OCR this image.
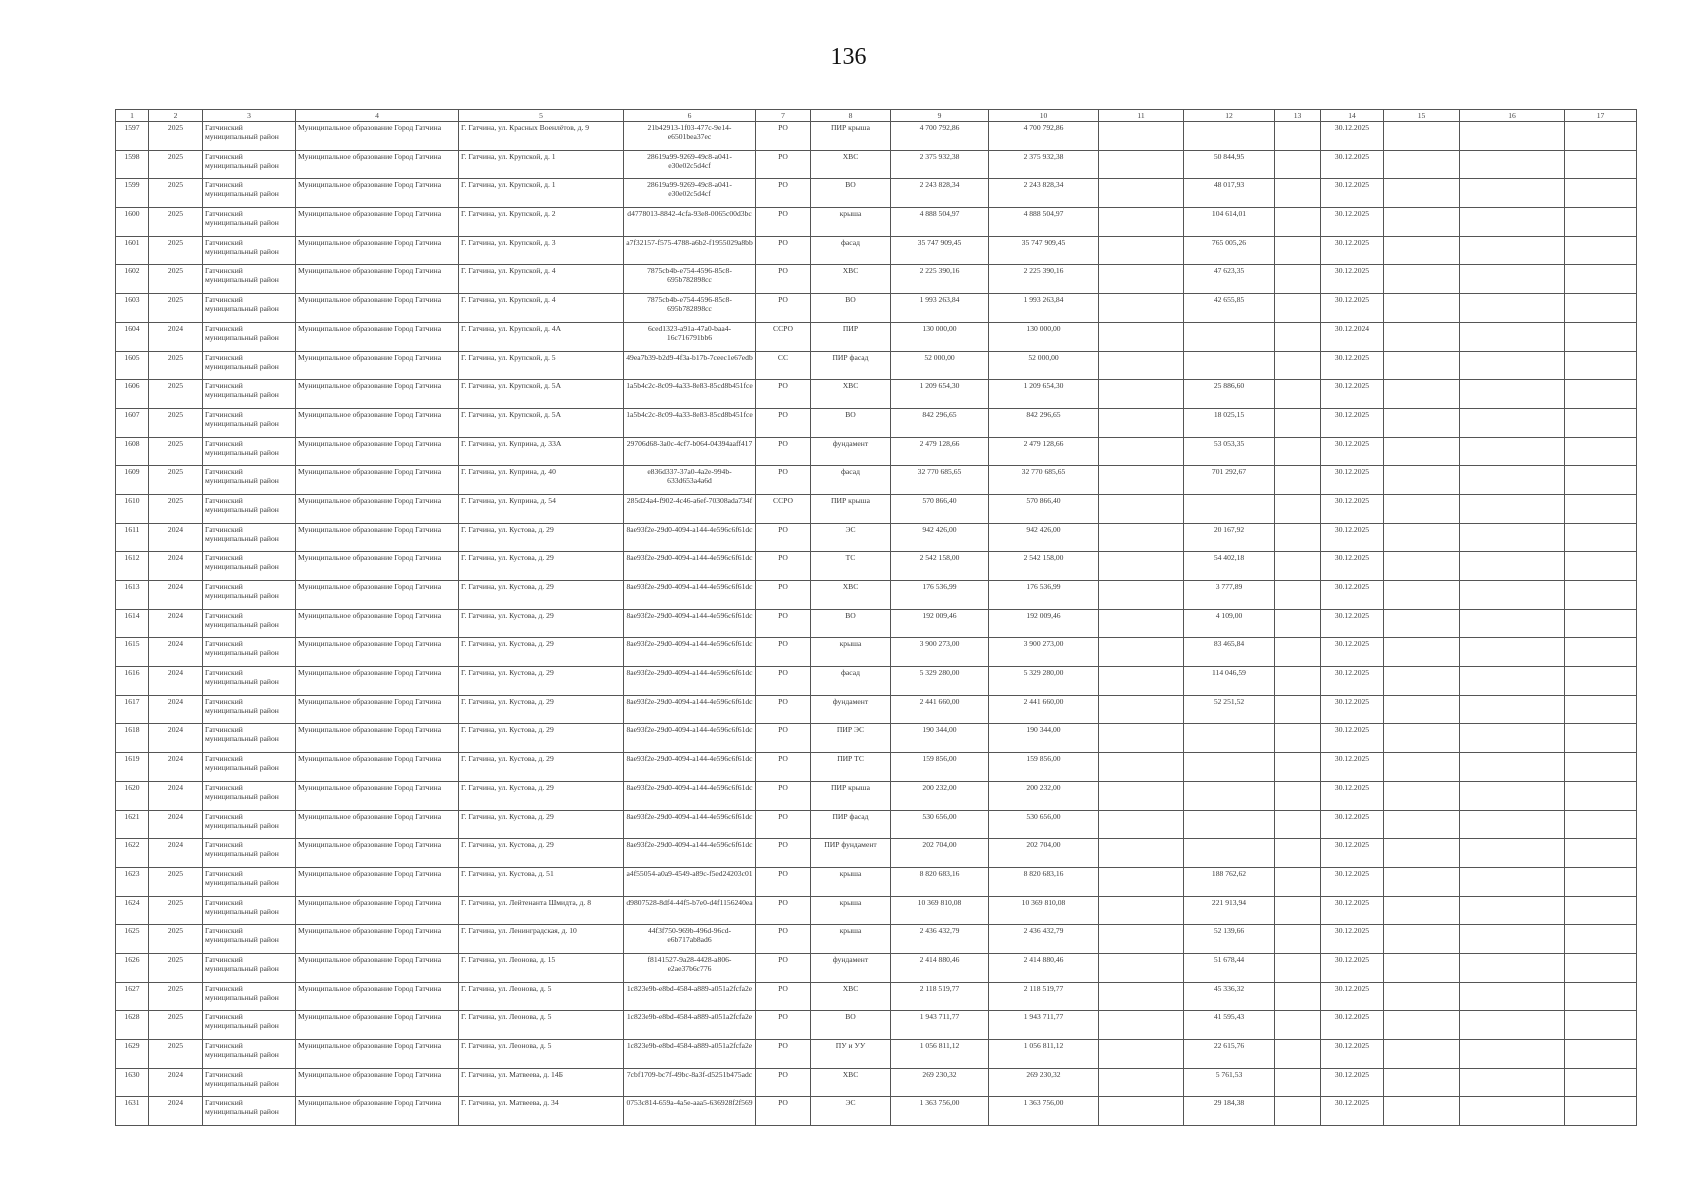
136
1	2	3	4	5	6	7	8	9	10	11	12	13	14	15	16	17
1597	2025	Гатчинский муниципальный район	Муниципальное образование Город Гатчина	Г. Гатчина, ул. Красных Военлётов, д. 9	21b42913-1f03-477c-9e14-e6501bea37ec	РО	ПИР крыша	4 700 792,86	4 700 792,86				30.12.2025			
1598	2025	Гатчинский муниципальный район	Муниципальное образование Город Гатчина	Г. Гатчина, ул. Крупской, д. 1	28619a99-9269-49c8-a041-e30e02c5d4cf	РО	ХВС	2 375 932,38	2 375 932,38		50 844,95		30.12.2025			
1599	2025	Гатчинский муниципальный район	Муниципальное образование Город Гатчина	Г. Гатчина, ул. Крупской, д. 1	28619a99-9269-49c8-a041-e30e02c5d4cf	РО	ВО	2 243 828,34	2 243 828,34		48 017,93		30.12.2025			
1600	2025	Гатчинский муниципальный район	Муниципальное образование Город Гатчина	Г. Гатчина, ул. Крупской, д. 2	d4778013-8842-4cfa-93e8-0065c00d3bc	РО	крыша	4 888 504,97	4 888 504,97		104 614,01		30.12.2025			
1601	2025	Гатчинский муниципальный район	Муниципальное образование Город Гатчина	Г. Гатчина, ул. Крупской, д. 3	a7f32157-f575-4788-a6b2-f1955029a8bb	РО	фасад	35 747 909,45	35 747 909,45		765 005,26		30.12.2025			
1602	2025	Гатчинский муниципальный район	Муниципальное образование Город Гатчина	Г. Гатчина, ул. Крупской, д. 4	7875cb4b-e754-4596-85c8-695b782898cc	РО	ХВС	2 225 390,16	2 225 390,16		47 623,35		30.12.2025			
1603	2025	Гатчинский муниципальный район	Муниципальное образование Город Гатчина	Г. Гатчина, ул. Крупской, д. 4	7875cb4b-e754-4596-85c8-695b782898cc	РО	ВО	1 993 263,84	1 993 263,84		42 655,85		30.12.2025			
1604	2024	Гатчинский муниципальный район	Муниципальное образование Город Гатчина	Г. Гатчина, ул. Крупской, д. 4А	6ced1323-a91a-47a0-baa4-16c716791bb6	ССРО	ПИР	130 000,00	130 000,00				30.12.2024			
1605	2025	Гатчинский муниципальный район	Муниципальное образование Город Гатчина	Г. Гатчина, ул. Крупской, д. 5	49ea7b39-b2d9-4f3a-b17b-7ceec1e67edb	СС	ПИР фасад	52 000,00	52 000,00				30.12.2025			
1606	2025	Гатчинский муниципальный район	Муниципальное образование Город Гатчина	Г. Гатчина, ул. Крупской, д. 5А	1a5b4c2c-8c09-4a33-8e83-85cd8b451fce	РО	ХВС	1 209 654,30	1 209 654,30		25 886,60		30.12.2025			
1607	2025	Гатчинский муниципальный район	Муниципальное образование Город Гатчина	Г. Гатчина, ул. Крупской, д. 5А	1a5b4c2c-8c09-4a33-8e83-85cd8b451fce	РО	ВО	842 296,65	842 296,65		18 025,15		30.12.2025			
1608	2025	Гатчинский муниципальный район	Муниципальное образование Город Гатчина	Г. Гатчина, ул. Куприна, д. 33А	29706d68-3a0c-4cf7-b064-04394aaff417	РО	фундамент	2 479 128,66	2 479 128,66		53 053,35		30.12.2025			
1609	2025	Гатчинский муниципальный район	Муниципальное образование Город Гатчина	Г. Гатчина, ул. Куприна, д. 40	e836d337-37a0-4a2e-994b-633d653a4a6d	РО	фасад	32 770 685,65	32 770 685,65		701 292,67		30.12.2025			
1610	2025	Гатчинский муниципальный район	Муниципальное образование Город Гатчина	Г. Гатчина, ул. Куприна, д. 54	285d24a4-f902-4c46-a6ef-70308ada734f	ССРО	ПИР крыша	570 866,40	570 866,40				30.12.2025			
1611	2024	Гатчинский муниципальный район	Муниципальное образование Город Гатчина	Г. Гатчина, ул. Кустова, д. 29	8ae93f2e-29d0-4094-a144-4e596c6f61dc	РО	ЭС	942 426,00	942 426,00		20 167,92		30.12.2025			
1612	2024	Гатчинский муниципальный район	Муниципальное образование Город Гатчина	Г. Гатчина, ул. Кустова, д. 29	8ae93f2e-29d0-4094-a144-4e596c6f61dc	РО	ТС	2 542 158,00	2 542 158,00		54 402,18		30.12.2025			
1613	2024	Гатчинский муниципальный район	Муниципальное образование Город Гатчина	Г. Гатчина, ул. Кустова, д. 29	8ae93f2e-29d0-4094-a144-4e596c6f61dc	РО	ХВС	176 536,99	176 536,99		3 777,89		30.12.2025			
1614	2024	Гатчинский муниципальный район	Муниципальное образование Город Гатчина	Г. Гатчина, ул. Кустова, д. 29	8ae93f2e-29d0-4094-a144-4e596c6f61dc	РО	ВО	192 009,46	192 009,46		4 109,00		30.12.2025			
1615	2024	Гатчинский муниципальный район	Муниципальное образование Город Гатчина	Г. Гатчина, ул. Кустова, д. 29	8ae93f2e-29d0-4094-a144-4e596c6f61dc	РО	крыша	3 900 273,00	3 900 273,00		83 465,84		30.12.2025			
1616	2024	Гатчинский муниципальный район	Муниципальное образование Город Гатчина	Г. Гатчина, ул. Кустова, д. 29	8ae93f2e-29d0-4094-a144-4e596c6f61dc	РО	фасад	5 329 280,00	5 329 280,00		114 046,59		30.12.2025			
1617	2024	Гатчинский муниципальный район	Муниципальное образование Город Гатчина	Г. Гатчина, ул. Кустова, д. 29	8ae93f2e-29d0-4094-a144-4e596c6f61dc	РО	фундамент	2 441 660,00	2 441 660,00		52 251,52		30.12.2025			
1618	2024	Гатчинский муниципальный район	Муниципальное образование Город Гатчина	Г. Гатчина, ул. Кустова, д. 29	8ae93f2e-29d0-4094-a144-4e596c6f61dc	РО	ПИР ЭС	190 344,00	190 344,00				30.12.2025			
1619	2024	Гатчинский муниципальный район	Муниципальное образование Город Гатчина	Г. Гатчина, ул. Кустова, д. 29	8ae93f2e-29d0-4094-a144-4e596c6f61dc	РО	ПИР ТС	159 856,00	159 856,00				30.12.2025			
1620	2024	Гатчинский муниципальный район	Муниципальное образование Город Гатчина	Г. Гатчина, ул. Кустова, д. 29	8ae93f2e-29d0-4094-a144-4e596c6f61dc	РО	ПИР крыша	200 232,00	200 232,00				30.12.2025			
1621	2024	Гатчинский муниципальный район	Муниципальное образование Город Гатчина	Г. Гатчина, ул. Кустова, д. 29	8ae93f2e-29d0-4094-a144-4e596c6f61dc	РО	ПИР фасад	530 656,00	530 656,00				30.12.2025			
1622	2024	Гатчинский муниципальный район	Муниципальное образование Город Гатчина	Г. Гатчина, ул. Кустова, д. 29	8ae93f2e-29d0-4094-a144-4e596c6f61dc	РО	ПИР фундамент	202 704,00	202 704,00				30.12.2025			
1623	2025	Гатчинский муниципальный район	Муниципальное образование Город Гатчина	Г. Гатчина, ул. Кустова, д. 51	a4f55054-a0a9-4549-a89c-f5ed24203c01	РО	крыша	8 820 683,16	8 820 683,16		188 762,62		30.12.2025			
1624	2025	Гатчинский муниципальный район	Муниципальное образование Город Гатчина	Г. Гатчина, ул. Лейтенанта Шмидта, д. 8	d9807528-8df4-44f5-b7e0-d4f1156240ea	РО	крыша	10 369 810,08	10 369 810,08		221 913,94		30.12.2025			
1625	2025	Гатчинский муниципальный район	Муниципальное образование Город Гатчина	Г. Гатчина, ул. Ленинградская, д. 10	44f3f750-969b-496d-96cd-e6b717ab8ad6	РО	крыша	2 436 432,79	2 436 432,79		52 139,66		30.12.2025			
1626	2025	Гатчинский муниципальный район	Муниципальное образование Город Гатчина	Г. Гатчина, ул. Леонова, д. 15	f8141527-9a28-4428-a806-e2ae37b6c776	РО	фундамент	2 414 880,46	2 414 880,46		51 678,44		30.12.2025			
1627	2025	Гатчинский муниципальный район	Муниципальное образование Город Гатчина	Г. Гатчина, ул. Леонова, д. 5	1c823e9b-e8bd-4584-a889-a051a2fcfa2e	РО	ХВС	2 118 519,77	2 118 519,77		45 336,32		30.12.2025			
1628	2025	Гатчинский муниципальный район	Муниципальное образование Город Гатчина	Г. Гатчина, ул. Леонова, д. 5	1c823e9b-e8bd-4584-a889-a051a2fcfa2e	РО	ВО	1 943 711,77	1 943 711,77		41 595,43		30.12.2025			
1629	2025	Гатчинский муниципальный район	Муниципальное образование Город Гатчина	Г. Гатчина, ул. Леонова, д. 5	1c823e9b-e8bd-4584-a889-a051a2fcfa2e	РО	ПУ и УУ	1 056 811,12	1 056 811,12		22 615,76		30.12.2025			
1630	2024	Гатчинский муниципальный район	Муниципальное образование Город Гатчина	Г. Гатчина, ул. Матвеева, д. 14Б	7cbf1709-bc7f-49bc-8a3f-d5251b475adc	РО	ХВС	269 230,32	269 230,32		5 761,53		30.12.2025			
1631	2024	Гатчинский муниципальный район	Муниципальное образование Город Гатчина	Г. Гатчина, ул. Матвеева, д. 34	0753c814-659a-4a5e-aaa5-636928f2f569	РО	ЭС	1 363 756,00	1 363 756,00		29 184,38		30.12.2025			
